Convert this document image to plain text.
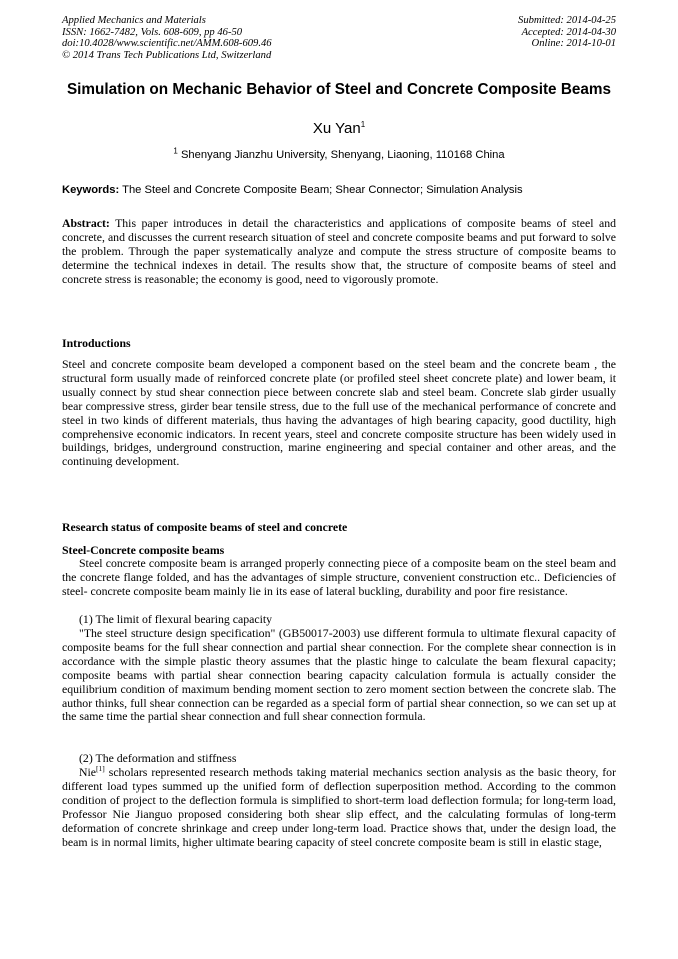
Applied Mechanics and Materials
ISSN: 1662-7482, Vols. 608-609, pp 46-50
doi:10.4028/www.scientific.net/AMM.608-609.46
© 2014 Trans Tech Publications Ltd, Switzerland
Submitted: 2014-04-25
Accepted: 2014-04-30
Online: 2014-10-01
Simulation on Mechanic Behavior of Steel and Concrete Composite Beams
Xu Yan$^1$
$^1$ Shenyang Jianzhu University, Shenyang, Liaoning, 110168 China
Keywords: The Steel and Concrete Composite Beam; Shear Connector; Simulation Analysis
Abstract: This paper introduces in detail the characteristics and applications of composite beams of steel and concrete, and discusses the current research situation of steel and concrete composite beams and put forward to solve the problem. Through the paper systematically analyze and compute the stress structure of composite beams to determine the technical indexes in detail. The results show that, the structure of composite beams of steel and concrete stress is reasonable; the economy is good, need to vigorously promote.
Introductions
Steel and concrete composite beam developed a component based on the steel beam and the concrete beam , the structural form usually made of reinforced concrete plate (or profiled steel sheet concrete plate) and lower beam, it usually connect by stud shear connection piece between concrete slab and steel beam. Concrete slab girder usually bear compressive stress, girder bear tensile stress, due to the full use of the mechanical performance of concrete and steel in two kinds of different materials, thus having the advantages of high bearing capacity, good ductility, high comprehensive economic indicators. In recent years, steel and concrete composite structure has been widely used in buildings, bridges, underground construction, marine engineering and special container and other areas, and the continuing development.
Research status of composite beams of steel and concrete
Steel-Concrete composite beams
Steel concrete composite beam is arranged properly connecting piece of a composite beam on the steel beam and the concrete flange folded, and has the advantages of simple structure, convenient construction etc.. Deficiencies of steel- concrete composite beam mainly lie in its ease of lateral buckling, durability and poor fire resistance.
(1) The limit of flexural bearing capacity
"The steel structure design specification" (GB50017-2003) use different formula to ultimate flexural capacity of composite beams for the full shear connection and partial shear connection. For the complete shear connection is in accordance with the simple plastic theory assumes that the plastic hinge to calculate the beam flexural capacity; composite beams with partial shear connection bearing capacity calculation formula is actually consider the equilibrium condition of maximum bending moment section to zero moment section between the concrete slab. The author thinks, full shear connection can be regarded as a special form of partial shear connection, so we can set up at the same time the partial shear connection and full shear connection formula.
(2) The deformation and stiffness
Nie[1] scholars represented research methods taking material mechanics section analysis as the basic theory, for different load types summed up the unified form of deflection superposition method. According to the common condition of project to the deflection formula is simplified to short-term load deflection formula; for long-term load, Professor Nie Jianguo proposed considering both shear slip effect, and the calculating formulas of long-term deformation of concrete shrinkage and creep under long-term load. Practice shows that, under the design load, the beam is in normal limits, higher ultimate bearing capacity of steel concrete composite beam is still in elastic stage,
